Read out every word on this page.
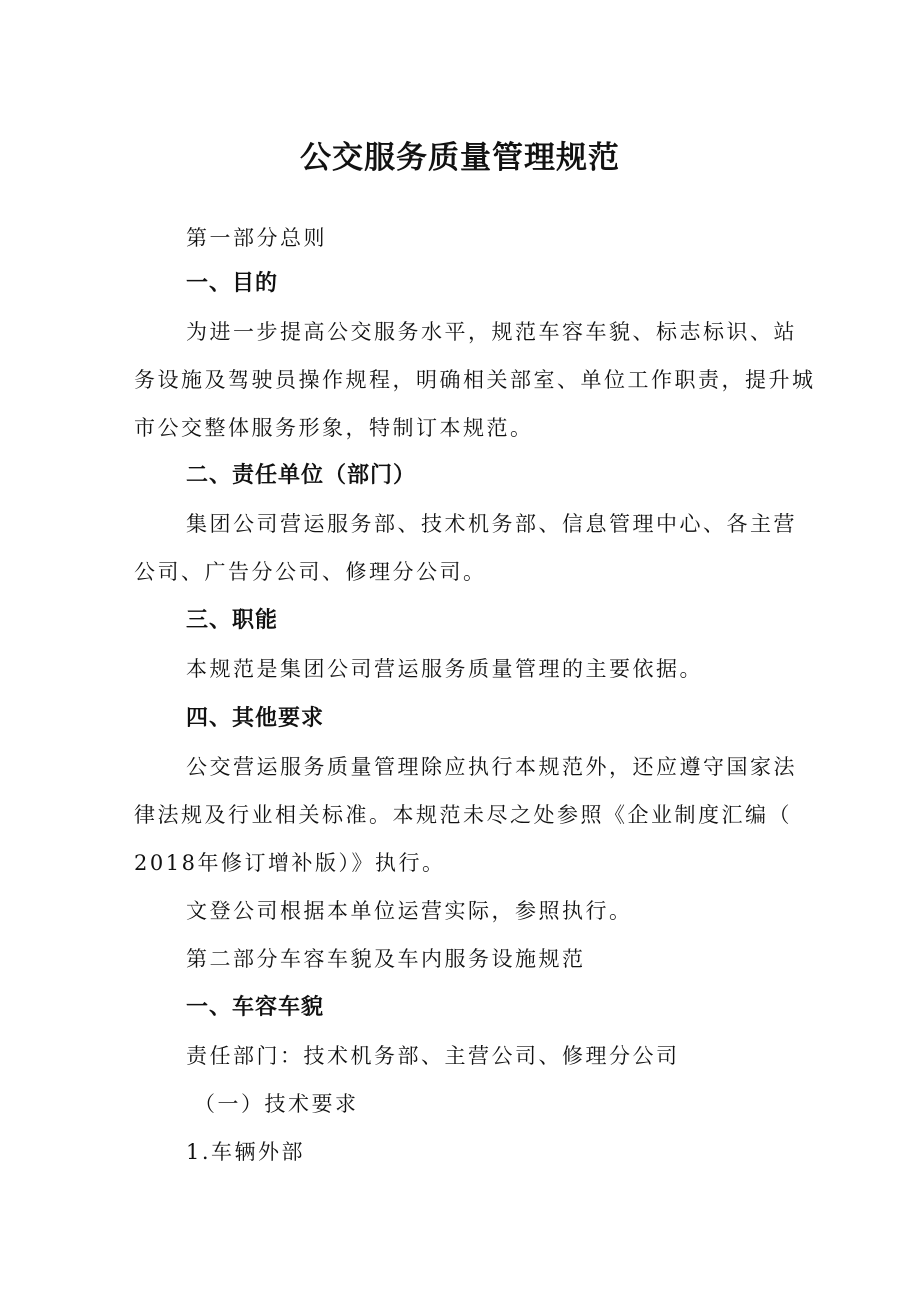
公交服务质量管理规范
第一部分总则
一、目的
为进一步提高公交服务水平，规范车容车貌、标志标识、站
务设施及驾驶员操作规程，明确相关部室、单位工作职责，提升城
市公交整体服务形象，特制订本规范。
二、责任单位（部门）
集团公司营运服务部、技术机务部、信息管理中心、各主营
公司、广告分公司、修理分公司。
三、职能
本规范是集团公司营运服务质量管理的主要依据。
四、其他要求
公交营运服务质量管理除应执行本规范外，还应遵守国家法
律法规及行业相关标准。本规范未尽之处参照《企业制度汇编（
2018年修订增补版）》执行。
文登公司根据本单位运营实际，参照执行。
第二部分车容车貌及车内服务设施规范
一、车容车貌
责任部门：技术机务部、主营公司、修理分公司
（一）技术要求
1.车辆外部
